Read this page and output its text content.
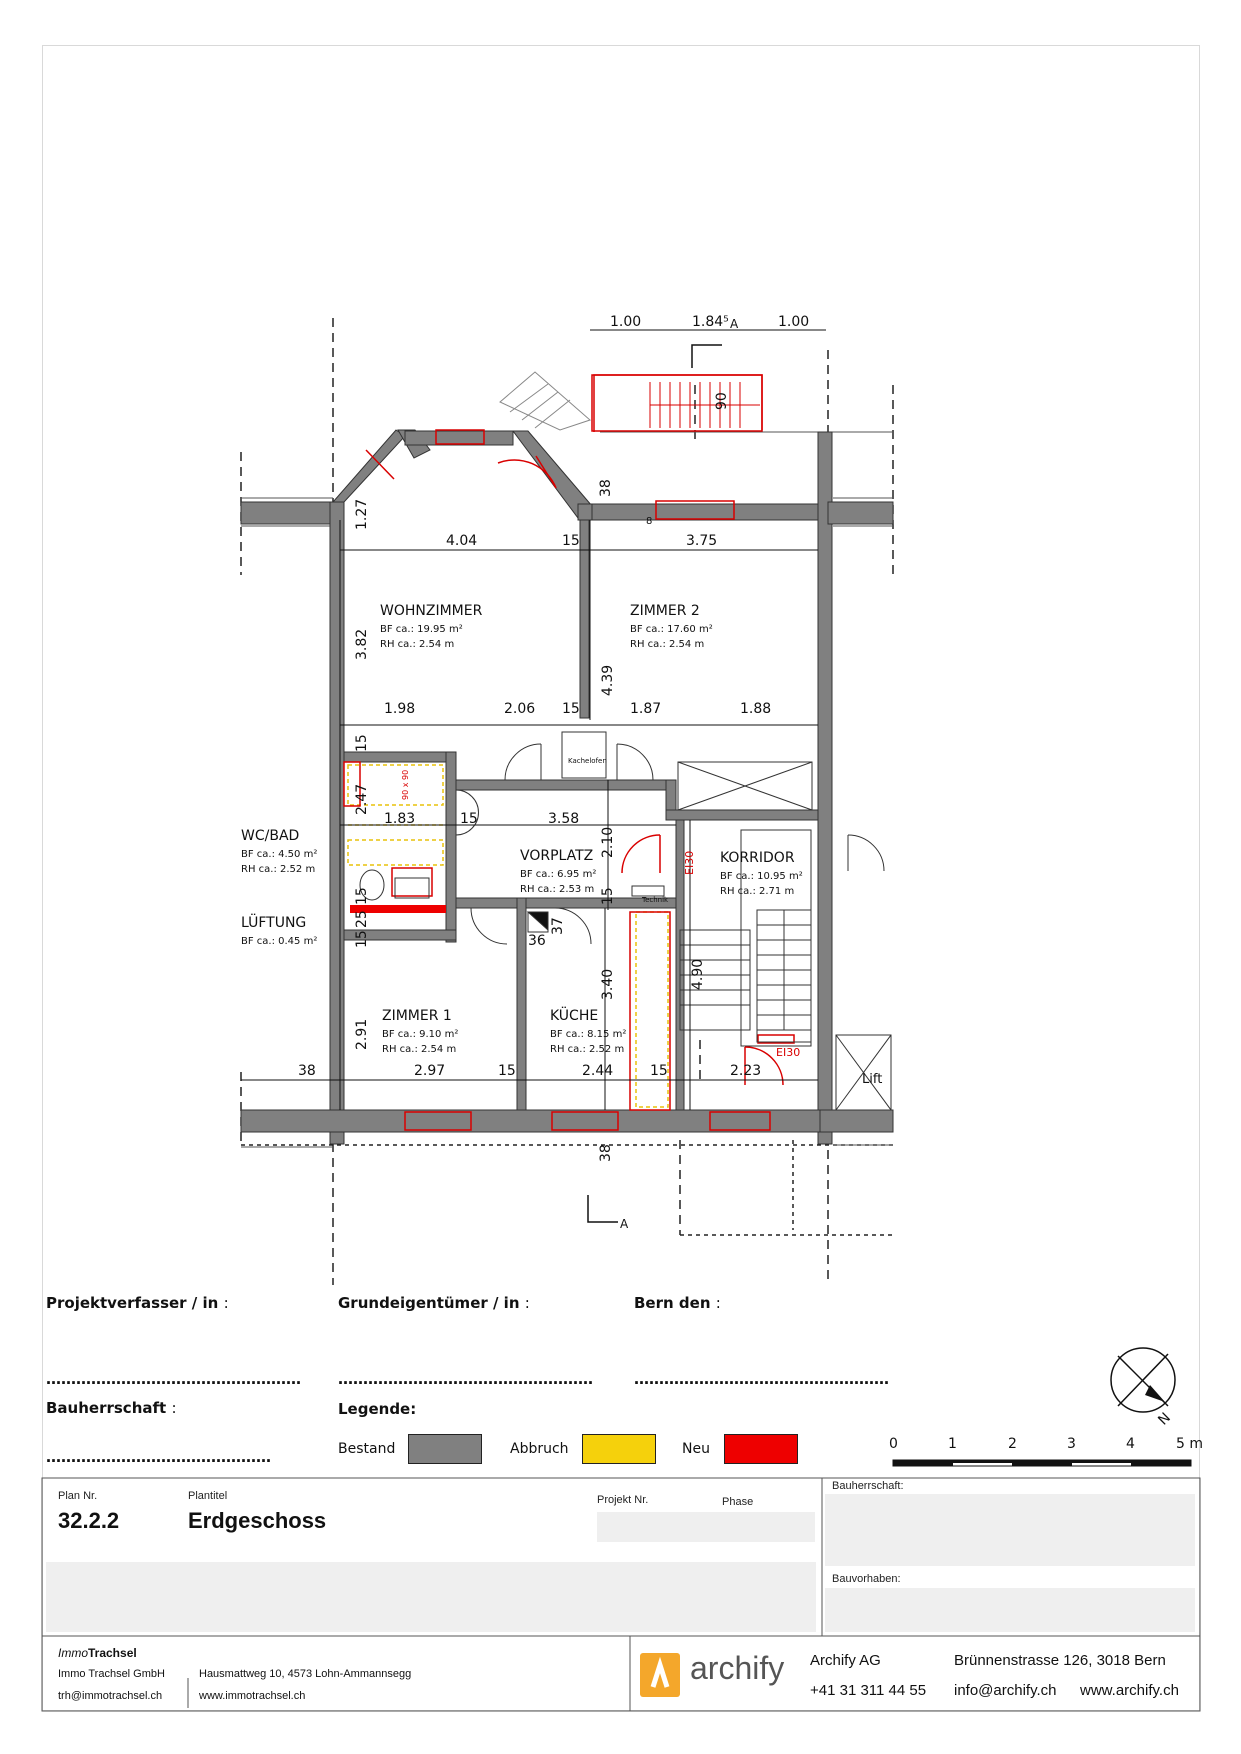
1.00	1.84⁵	1.00
A
A
4.04	15	3.75
8
1.98	2.06 15	1.87	1.88
1.83	15	3.58
36
38	2.97	15	2.44	15	2.23
1.27
38
90
3.82
4.39
15
2.47
2.10
15
25
15
15
37
3.40	4.90
2.91
38
EI30
90 x 90
WOHNZIMMER
BF ca.: 19.95 m²
RH ca.: 2.54 m
ZIMMER 2
BF ca.: 17.60 m²
RH ca.: 2.54 m
WC/BAD
BF ca.: 4.50 m²
RH ca.: 2.52 m
LÜFTUNG
BF ca.: 0.45 m²
VORPLATZ
BF ca.: 6.95 m²
RH ca.: 2.53 m
KORRIDOR
BF ca.: 10.95 m²
RH ca.: 2.71 m
ZIMMER 1
BF ca.: 9.10 m²
RH ca.: 2.54 m
KÜCHE
BF ca.: 8.15 m²
RH ca.: 2.52 m
Kachelofen
Technik
Lift
EI30
N
0	1	2	3	4	5 m
Projektverfasser / in :	Grundeigentümer / in :	Bern den :
…………………………………………… ……………………………………………	……………………………………………
Bauherrschaft :
………………………………………
Legende:
Bestand	Abbruch	Neu
Plan Nr.
32.2.2
Plantitel
Erdgeschoss
Projekt Nr.	Phase
Bauherrschaft:
Bauvorhaben:
ImmoTrachsel
Immo Trachsel GmbH	Hausmattweg 10, 4573 Lohn-Ammannsegg
trh@immotrachsel.ch	www.immotrachsel.ch
archify Archify AG	Brünnenstrasse 126, 3018 Bern
+41 31 311 44 55 info@archify.ch www.archify.ch
